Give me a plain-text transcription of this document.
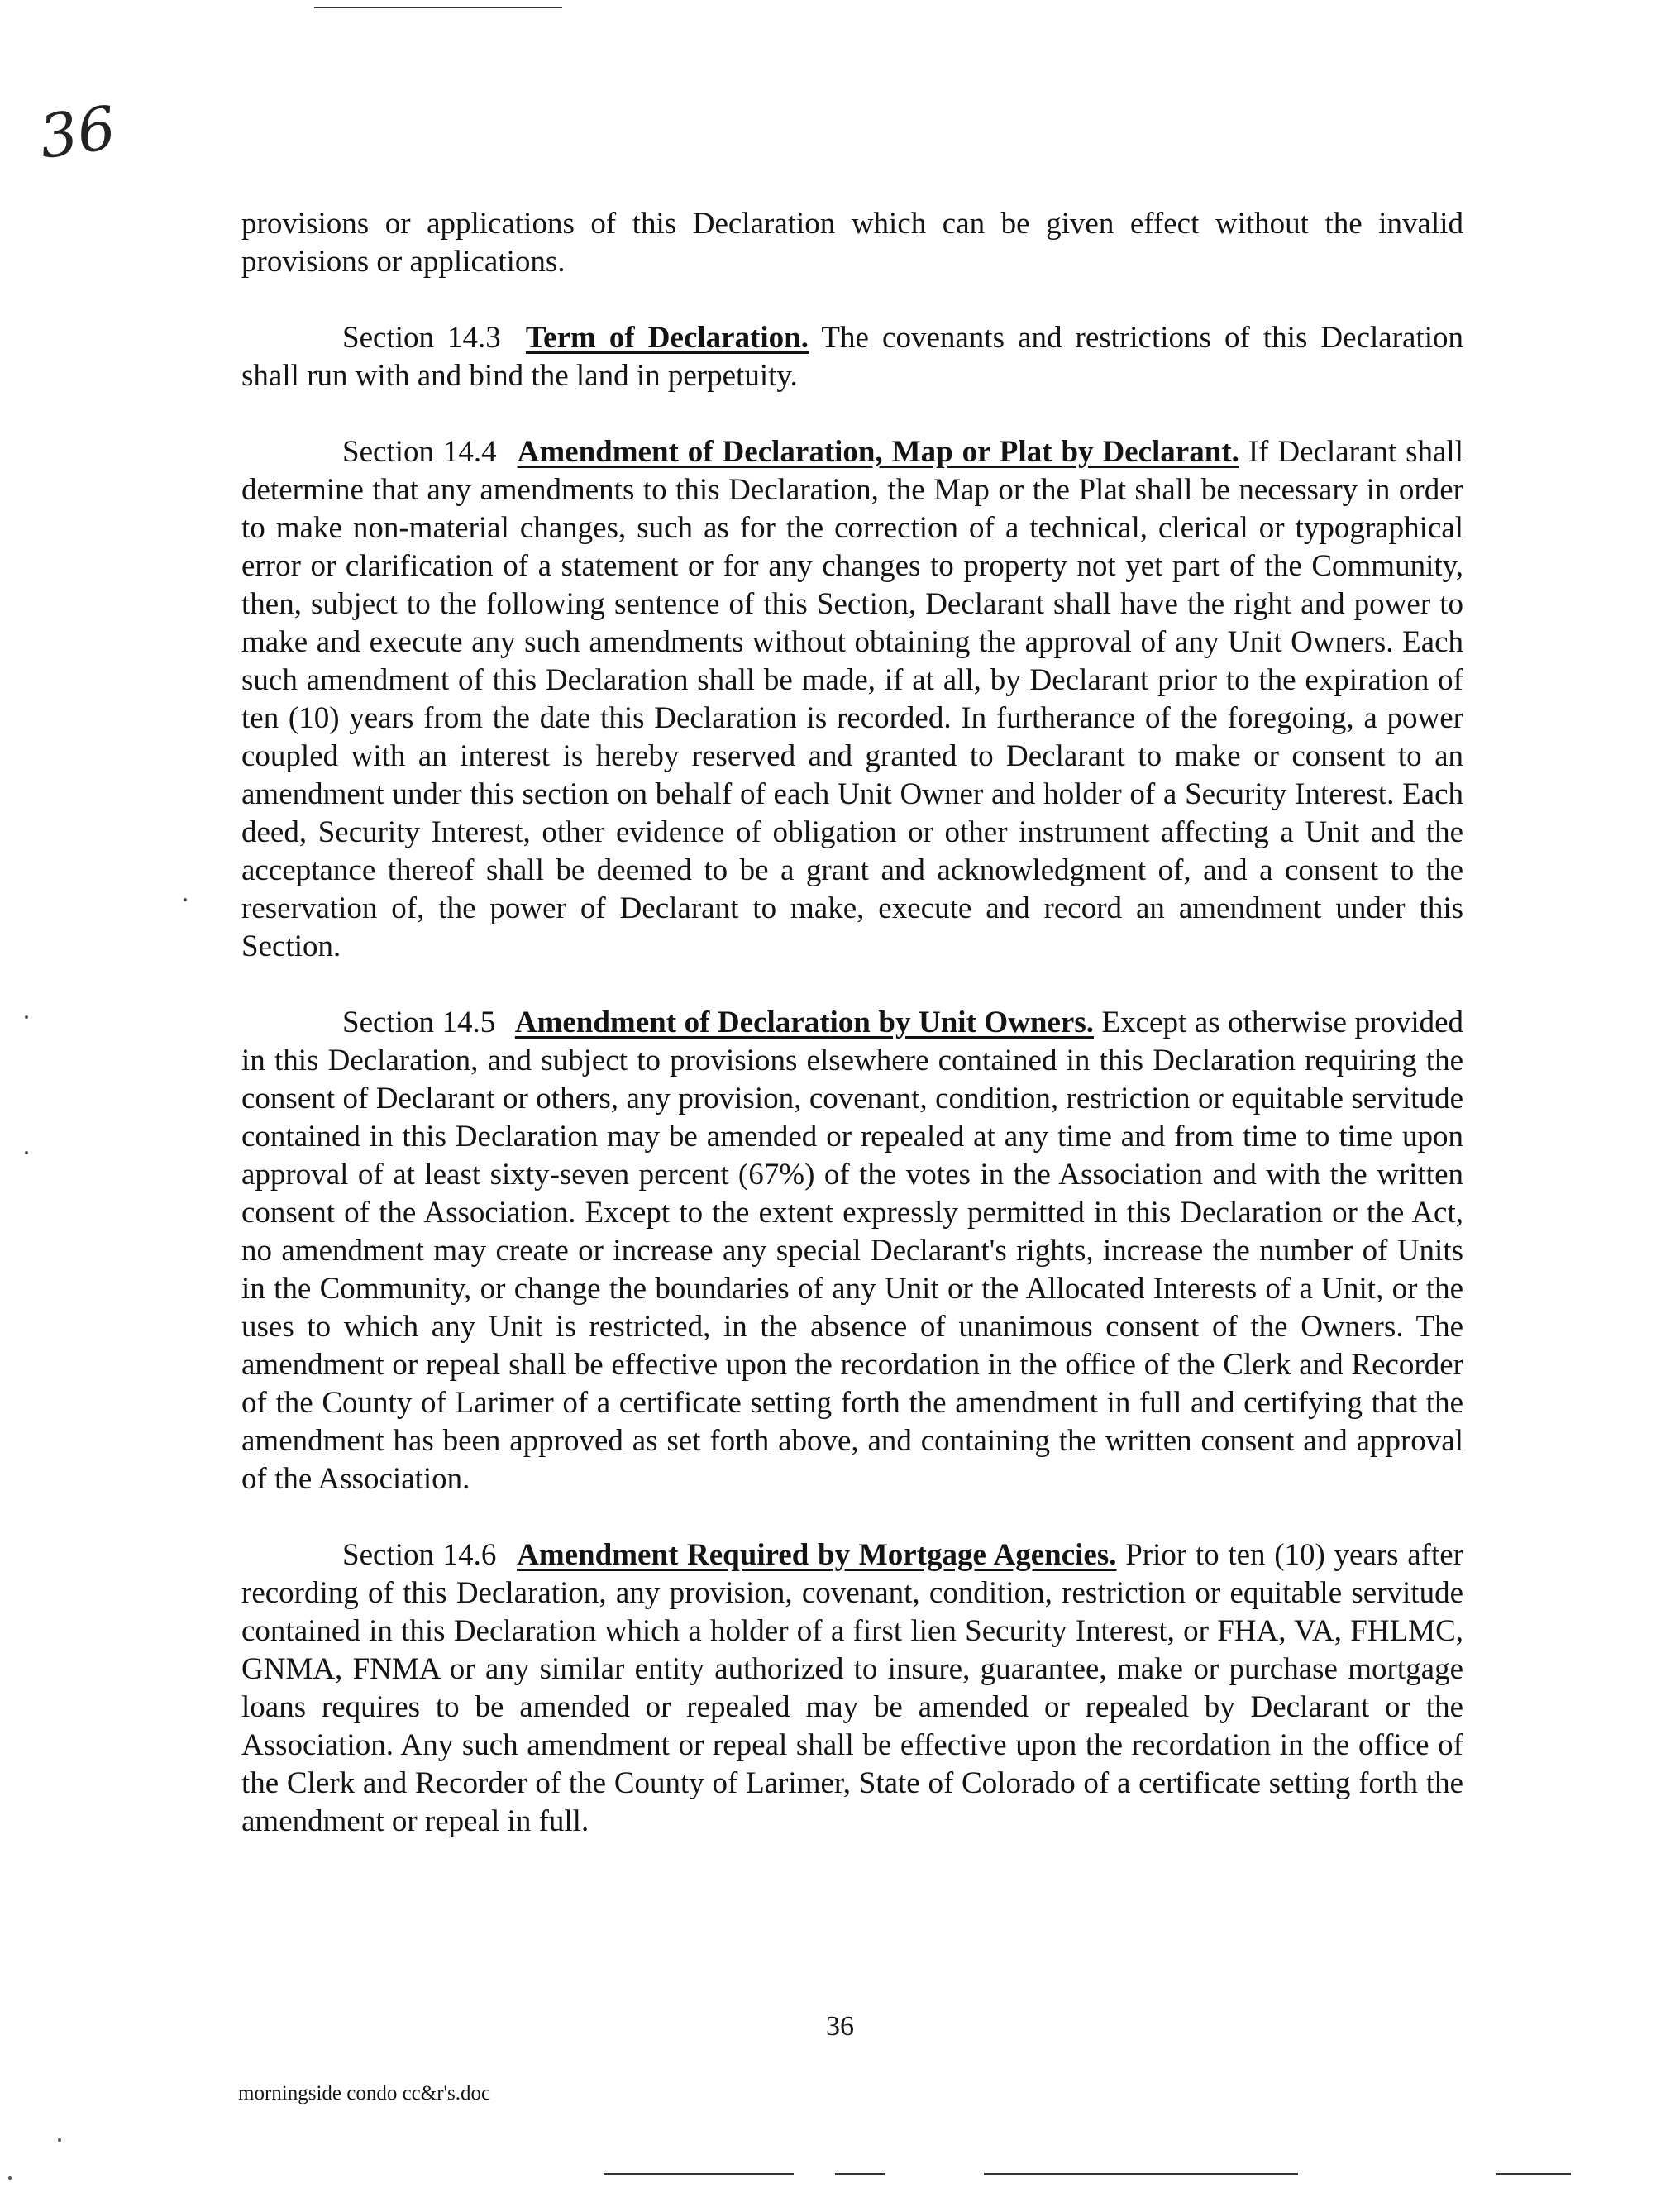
36

provisions or applications of this Declaration which can be given effect without the invalid provisions or applications.

Section 14.3 Term of Declaration. The covenants and restrictions of this Declaration shall run with and bind the land in perpetuity.

Section 14.4 Amendment of Declaration, Map or Plat by Declarant. If Declarant shall determine that any amendments to this Declaration, the Map or the Plat shall be necessary in order to make non-material changes, such as for the correction of a technical, clerical or typographical error or clarification of a statement or for any changes to property not yet part of the Community, then, subject to the following sentence of this Section, Declarant shall have the right and power to make and execute any such amendments without obtaining the approval of any Unit Owners. Each such amendment of this Declaration shall be made, if at all, by Declarant prior to the expiration of ten (10) years from the date this Declaration is recorded. In furtherance of the foregoing, a power coupled with an interest is hereby reserved and granted to Declarant to make or consent to an amendment under this section on behalf of each Unit Owner and holder of a Security Interest. Each deed, Security Interest, other evidence of obligation or other instrument affecting a Unit and the acceptance thereof shall be deemed to be a grant and acknowledgment of, and a consent to the reservation of, the power of Declarant to make, execute and record an amendment under this Section.

Section 14.5 Amendment of Declaration by Unit Owners. Except as otherwise provided in this Declaration, and subject to provisions elsewhere contained in this Declaration requiring the consent of Declarant or others, any provision, covenant, condition, restriction or equitable servitude contained in this Declaration may be amended or repealed at any time and from time to time upon approval of at least sixty-seven percent (67%) of the votes in the Association and with the written consent of the Association. Except to the extent expressly permitted in this Declaration or the Act, no amendment may create or increase any special Declarant's rights, increase the number of Units in the Community, or change the boundaries of any Unit or the Allocated Interests of a Unit, or the uses to which any Unit is restricted, in the absence of unanimous consent of the Owners. The amendment or repeal shall be effective upon the recordation in the office of the Clerk and Recorder of the County of Larimer of a certificate setting forth the amendment in full and certifying that the amendment has been approved as set forth above, and containing the written consent and approval of the Association.

Section 14.6 Amendment Required by Mortgage Agencies. Prior to ten (10) years after recording of this Declaration, any provision, covenant, condition, restriction or equitable servitude contained in this Declaration which a holder of a first lien Security Interest, or FHA, VA, FHLMC, GNMA, FNMA or any similar entity authorized to insure, guarantee, make or purchase mortgage loans requires to be amended or repealed may be amended or repealed by Declarant or the Association. Any such amendment or repeal shall be effective upon the recordation in the office of the Clerk and Recorder of the County of Larimer, State of Colorado of a certificate setting forth the amendment or repeal in full.

36
morningside condo cc&r's.doc
